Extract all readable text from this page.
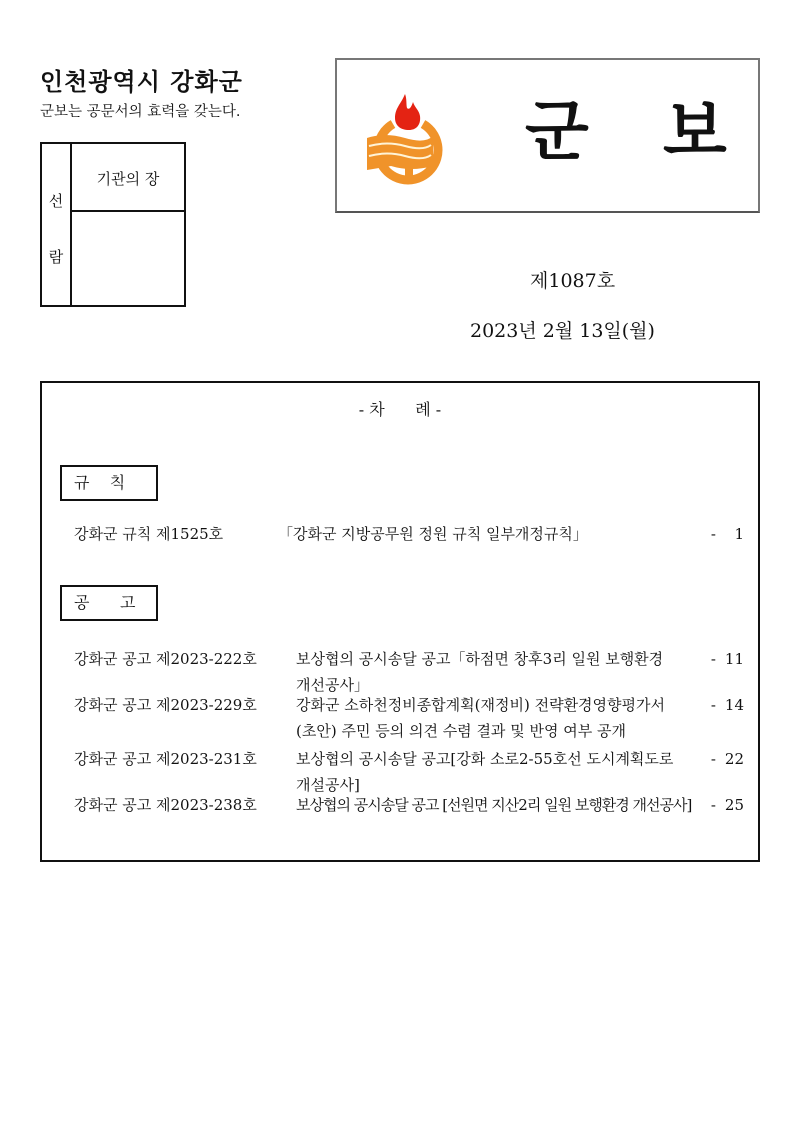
인천광역시 강화군
군보는 공문서의 효력을 갖는다.
선
람
기관의 장
군 보
제1087호
2023년 2월 13일(월)
- 차      례 -
규    칙
강화군 규칙 제1525호	「강화군 지방공무원 정원 규칙 일부개정규칙」	- 1
공      고
강화군 공고 제2023-222호	보상협의 공시송달 공고「하점면 창후3리 일원 보행환경
개선공사」
- 11
강화군 공고 제2023-229호	강화군 소하천정비종합계획(재정비) 전략환경영향평가서
(초안) 주민 등의 의견 수렴 결과 및 반영 여부 공개
- 14
강화군 공고 제2023-231호	보상협의 공시송달 공고[강화 소로2-55호선 도시계획도로
개설공사]
- 22
강화군 공고 제2023-238호	보상협의 공시송달 공고 [선원면 지산2리 일원 보행환경 개선공사] - 25
